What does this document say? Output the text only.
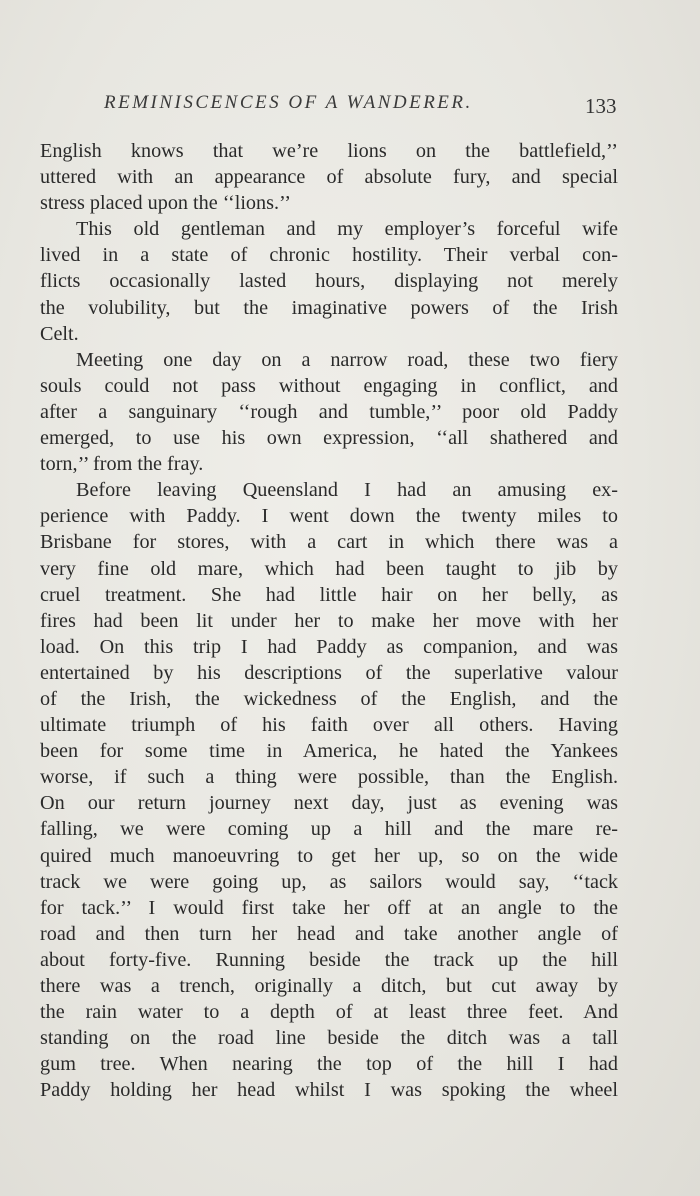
REMINISCENCES OF A WANDERER.	133
English knows that we’re lions on the battlefield,’’
uttered with an appearance of absolute fury, and special
stress placed upon the ‘‘lions.’’
This old gentleman and my employer’s forceful wife
lived in a state of chronic hostility. Their verbal con-
flicts occasionally lasted hours, displaying not merely
the volubility, but the imaginative powers of the Irish
Celt.
Meeting one day on a narrow road, these two fiery
souls could not pass without engaging in conflict, and
after a sanguinary ‘‘rough and tumble,’’ poor old Paddy
emerged, to use his own expression, ‘‘all shathered and
torn,’’ from the fray.
Before leaving Queensland I had an amusing ex-
perience with Paddy. I went down the twenty miles to
Brisbane for stores, with a cart in which there was a
very fine old mare, which had been taught to jib by
cruel treatment. She had little hair on her belly, as
fires had been lit under her to make her move with her
load. On this trip I had Paddy as companion, and was
entertained by his descriptions of the superlative valour
of the Irish, the wickedness of the English, and the
ultimate triumph of his faith over all others. Having
been for some time in America, he hated the Yankees
worse, if such a thing were possible, than the English.
On our return journey next day, just as evening was
falling, we were coming up a hill and the mare re-
quired much manoeuvring to get her up, so on the wide
track we were going up, as sailors would say, ‘‘tack
for tack.’’ I would first take her off at an angle to the
road and then turn her head and take another angle of
about forty-five. Running beside the track up the hill
there was a trench, originally a ditch, but cut away by
the rain water to a depth of at least three feet. And
standing on the road line beside the ditch was a tall
gum tree. When nearing the top of the hill I had
Paddy holding her head whilst I was spoking the wheel
